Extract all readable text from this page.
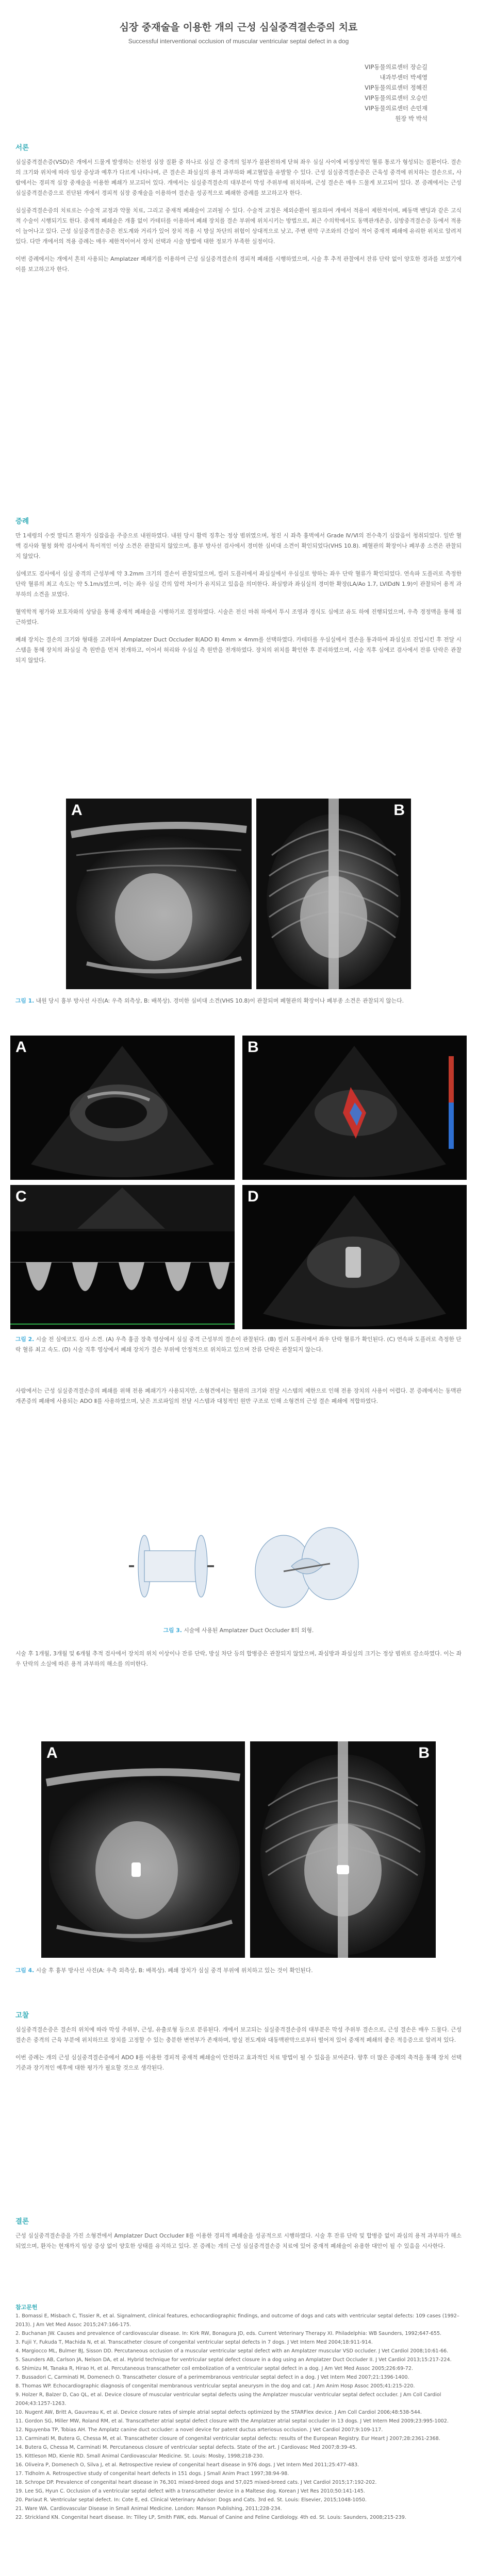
심장 중재술을 이용한 개의 근성 심실중격결손증의 치료
Successful interventional occlusion of muscular ventricular septal defect in a dog
VIP동물의료센터 장순길
내과부센터 박세영
VIP동물의료센터 정혜진
VIP동물의료센터 오승민
VIP동물의료센터 손민재
원장 박 박석
서론

심실중격결손증(VSD)은 개에서 드물게 발생하는 선천성 심장 질환 중 하나로 심실 간 중격의 일부가 불완전하게 닫혀 좌우 심실 사이에 비정상적인 혈류 통로가 형성되는 질환이다. 결손의 크기와 위치에 따라 임상 증상과 예후가 다르게 나타나며, 큰 결손은 좌심실의 용적 과부하와 폐고혈압을 유발할 수 있다. 근성 심실중격결손증은 근육성 중격에 위치하는 결손으로, 사람에서는 경피적 심장 중재술을 이용한 폐쇄가 보고되어 있다. 개에서는 심실중격결손의 대부분이 막성 주위부에 위치하며, 근성 결손은 매우 드물게 보고되어 있다. 본 증례에서는 근성 심실중격결손증으로 진단된 개에서 경피적 심장 중재술을 이용하여 결손을 성공적으로 폐쇄한 증례를 보고하고자 한다.

심실중격결손증의 치료로는 수술적 교정과 약물 치료, 그리고 중재적 폐쇄술이 고려될 수 있다. 수술적 교정은 체외순환이 필요하여 개에서 적용이 제한적이며, 폐동맥 밴딩과 같은 고식적 수술이 시행되기도 한다. 중재적 폐쇄술은 개흉 없이 카테터를 이용하여 폐쇄 장치를 결손 부위에 위치시키는 방법으로, 최근 수의학에서도 동맥관개존증, 심방중격결손증 등에서 적용이 늘어나고 있다. 근성 심실중격결손증은 전도계와 거리가 있어 장치 적용 시 방실 차단의 위험이 상대적으로 낮고, 주변 판막 구조와의 간섭이 적어 중재적 폐쇄에 유리한 위치로 알려져 있다. 다만 개에서의 적용 증례는 매우 제한적이어서 장치 선택과 시술 방법에 대한 정보가 부족한 실정이다.

이번 증례에서는 개에서 흔히 사용되는 Amplatzer 폐쇄기를 이용하여 근성 심실중격결손의 경피적 폐쇄를 시행하였으며, 시술 후 추적 관찰에서 잔류 단락 없이 양호한 경과를 보였기에 이를 보고하고자 한다.

증례

만 1세령의 수컷 말티즈 환자가 심잡음을 주증으로 내원하였다. 내원 당시 활력 징후는 정상 범위였으며, 청진 시 좌측 흉벽에서 Grade Ⅳ/Ⅵ의 전수축기 심잡음이 청취되었다. 일반 혈액 검사와 혈청 화학 검사에서 특이적인 이상 소견은 관찰되지 않았으며, 흉부 방사선 검사에서 경미한 심비대 소견이 확인되었다(VHS 10.8). 폐혈관의 확장이나 폐부종 소견은 관찰되지 않았다.

심에코도 검사에서 심실 중격의 근성부에 약 3.2mm 크기의 결손이 관찰되었으며, 컬러 도플러에서 좌심실에서 우심실로 향하는 좌우 단락 혈류가 확인되었다. 연속파 도플러로 측정한 단락 혈류의 최고 속도는 약 5.1m/s였으며, 이는 좌우 심실 간의 압력 차이가 유지되고 있음을 의미한다. 좌심방과 좌심실의 경미한 확장(LA/Ao 1.7, LVIDdN 1.9)이 관찰되어 용적 과부하의 소견을 보였다.

혈역학적 평가와 보호자와의 상담을 통해 중재적 폐쇄술을 시행하기로 결정하였다. 시술은 전신 마취 하에서 투시 조영과 경식도 심에코 유도 하에 진행되었으며, 우측 경정맥을 통해 접근하였다.

폐쇄 장치는 결손의 크기와 형태를 고려하여 Amplatzer Duct Occluder Ⅱ(ADO Ⅱ) 4mm × 4mm를 선택하였다. 카테터를 우심실에서 결손을 통과하여 좌심실로 진입시킨 후 전달 시스템을 통해 장치의 좌심실 측 원반을 먼저 전개하고, 이어서 허리와 우심실 측 원반을 전개하였다. 장치의 위치를 확인한 후 분리하였으며, 시술 직후 심에코 검사에서 잔류 단락은 관찰되지 않았다.

A	B

그림 1. 내원 당시 흉부 방사선 사진(A: 우측 외측상, B: 배복상). 경미한 심비대 소견(VHS 10.8)이 관찰되며 폐혈관의 확장이나 폐부종 소견은 관찰되지 않는다.

A	B
C	D

그림 2. 시술 전 심에코도 검사 소견. (A) 우측 흉골 장축 영상에서 심실 중격 근성부의 결손이 관찰된다. (B) 컬러 도플러에서 좌우 단락 혈류가 확인된다. (C) 연속파 도플러로 측정한 단락 혈류 최고 속도. (D) 시술 직후 영상에서 폐쇄 장치가 결손 부위에 안정적으로 위치하고 있으며 잔류 단락은 관찰되지 않는다.

사람에서는 근성 심실중격결손증의 폐쇄를 위해 전용 폐쇄기가 사용되지만, 소형견에서는 혈관의 크기와 전달 시스템의 제한으로 인해 전용 장치의 사용이 어렵다. 본 증례에서는 동맥관개존증의 폐쇄에 사용되는 ADO Ⅱ를 사용하였으며, 낮은 프로파일의 전달 시스템과 대칭적인 원반 구조로 인해 소형견의 근성 결손 폐쇄에 적합하였다.

그림 3. 시술에 사용된 Amplatzer Duct Occluder Ⅱ의 외형.

시술 후 1개월, 3개월 및 6개월 추적 검사에서 장치의 위치 이상이나 잔류 단락, 방실 차단 등의 합병증은 관찰되지 않았으며, 좌심방과 좌심실의 크기는 정상 범위로 감소하였다. 이는 좌우 단락의 소실에 따른 용적 과부하의 해소를 의미한다.

A	B

그림 4. 시술 후 흉부 방사선 사진(A: 우측 외측상, B: 배복상). 폐쇄 장치가 심실 중격 부위에 위치하고 있는 것이 확인된다.

고찰

심실중격결손증은 결손의 위치에 따라 막성 주위부, 근성, 유출로형 등으로 분류된다. 개에서 보고되는 심실중격결손증의 대부분은 막성 주위부 결손으로, 근성 결손은 매우 드물다. 근성 결손은 중격의 근육 부분에 위치하므로 장치를 고정할 수 있는 충분한 변연부가 존재하며, 방실 전도계와 대동맥판막으로부터 떨어져 있어 중재적 폐쇄의 좋은 적응증으로 알려져 있다.

이번 증례는 개의 근성 심실중격결손증에서 ADO Ⅱ를 이용한 경피적 중재적 폐쇄술이 안전하고 효과적인 치료 방법이 될 수 있음을 보여준다. 향후 더 많은 증례의 축적을 통해 장치 선택 기준과 장기적인 예후에 대한 평가가 필요할 것으로 생각된다.

결론

근성 심실중격결손증을 가진 소형견에서 Amplatzer Duct Occluder Ⅱ를 이용한 경피적 폐쇄술을 성공적으로 시행하였다. 시술 후 잔류 단락 및 합병증 없이 좌심의 용적 과부하가 해소되었으며, 환자는 현재까지 임상 증상 없이 양호한 상태를 유지하고 있다. 본 증례는 개의 근성 심실중격결손증 치료에 있어 중재적 폐쇄술이 유용한 대안이 될 수 있음을 시사한다.

참고문헌
1. Bomassi E, Misbach C, Tissier R, et al. Signalment, clinical features, echocardiographic findings, and outcome of dogs and cats with ventricular septal defects: 109 cases (1992–2013). J Am Vet Med Assoc 2015;247:166-175.
2. Buchanan JW. Causes and prevalence of cardiovascular disease. In: Kirk RW, Bonagura JD, eds. Current Veterinary Therapy XI. Philadelphia: WB Saunders, 1992;647-655.
3. Fujii Y, Fukuda T, Machida N, et al. Transcatheter closure of congenital ventricular septal defects in 7 dogs. J Vet Intern Med 2004;18:911-914.
4. Margiocco ML, Bulmer BJ, Sisson DD. Percutaneous occlusion of a muscular ventricular septal defect with an Amplatzer muscular VSD occluder. J Vet Cardiol 2008;10:61-66.
5. Saunders AB, Carlson JA, Nelson DA, et al. Hybrid technique for ventricular septal defect closure in a dog using an Amplatzer Duct Occluder II. J Vet Cardiol 2013;15:217-224.
6. Shimizu M, Tanaka R, Hirao H, et al. Percutaneous transcatheter coil embolization of a ventricular septal defect in a dog. J Am Vet Med Assoc 2005;226:69-72.
7. Bussadori C, Carminati M, Domenech O. Transcatheter closure of a perimembranous ventricular septal defect in a dog. J Vet Intern Med 2007;21:1396-1400.
8. Thomas WP. Echocardiographic diagnosis of congenital membranous ventricular septal aneurysm in the dog and cat. J Am Anim Hosp Assoc 2005;41:215-220.
9. Holzer R, Balzer D, Cao QL, et al. Device closure of muscular ventricular septal defects using the Amplatzer muscular ventricular septal defect occluder. J Am Coll Cardiol 2004;43:1257-1263.
10. Nugent AW, Britt A, Gauvreau K, et al. Device closure rates of simple atrial septal defects optimized by the STARFlex device. J Am Coll Cardiol 2006;48:538-544.
11. Gordon SG, Miller MW, Roland RM, et al. Transcatheter atrial septal defect closure with the Amplatzer atrial septal occluder in 13 dogs. J Vet Intern Med 2009;23:995-1002.
12. Nguyenba TP, Tobias AH. The Amplatz canine duct occluder: a novel device for patent ductus arteriosus occlusion. J Vet Cardiol 2007;9:109-117.
13. Carminati M, Butera G, Chessa M, et al. Transcatheter closure of congenital ventricular septal defects: results of the European Registry. Eur Heart J 2007;28:2361-2368.
14. Butera G, Chessa M, Carminati M. Percutaneous closure of ventricular septal defects. State of the art. J Cardiovasc Med 2007;8:39-45.
15. Kittleson MD, Kienle RD. Small Animal Cardiovascular Medicine. St. Louis: Mosby, 1998;218-230.
16. Oliveira P, Domenech O, Silva J, et al. Retrospective review of congenital heart disease in 976 dogs. J Vet Intern Med 2011;25:477-483.
17. Tidholm A. Retrospective study of congenital heart defects in 151 dogs. J Small Anim Pract 1997;38:94-98.
18. Schrope DP. Prevalence of congenital heart disease in 76,301 mixed-breed dogs and 57,025 mixed-breed cats. J Vet Cardiol 2015;17:192-202.
19. Lee SG, Hyun C. Occlusion of a ventricular septal defect with a transcatheter device in a Maltese dog. Korean J Vet Res 2010;50:141-145.
20. Pariaut R. Ventricular septal defect. In: Cote E, ed. Clinical Veterinary Advisor: Dogs and Cats. 3rd ed. St. Louis: Elsevier, 2015;1048-1050.
21. Ware WA. Cardiovascular Disease in Small Animal Medicine. London: Manson Publishing, 2011;228-234.
22. Strickland KN. Congenital heart disease. In: Tilley LP, Smith FWK, eds. Manual of Canine and Feline Cardiology. 4th ed. St. Louis: Saunders, 2008;215-239.
